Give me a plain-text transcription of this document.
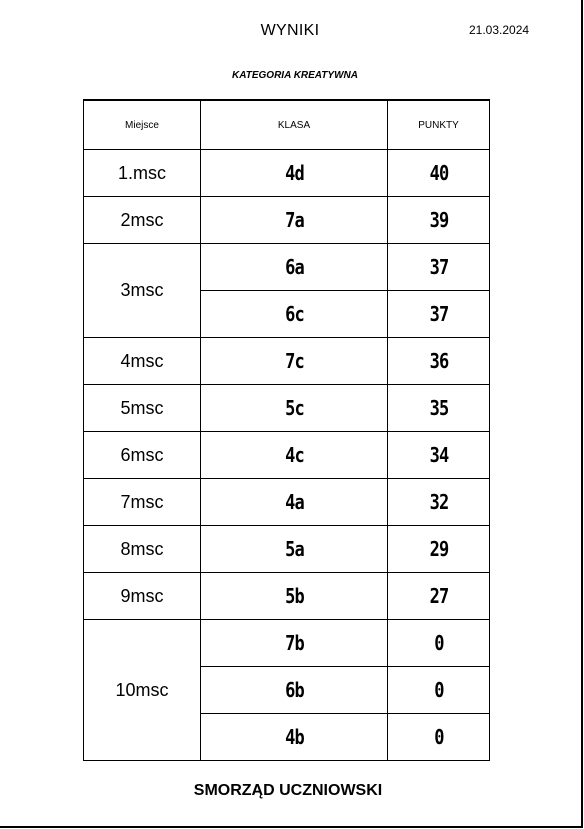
WYNIKI	21.03.2024
KATEGORIA KREATYWNA
Miejsce	KLASA	PUNKTY
1.msc	4d	40
2msc	7a	39
3msc	6a	37
	6c	37
4msc	7c	36
5msc	5c	35
6msc	4c	34
7msc	4a	32
8msc	5a	29
9msc	5b	27
10msc	7b	0
	6b	0
	4b	0
SMORZĄD UCZNIOWSKI
